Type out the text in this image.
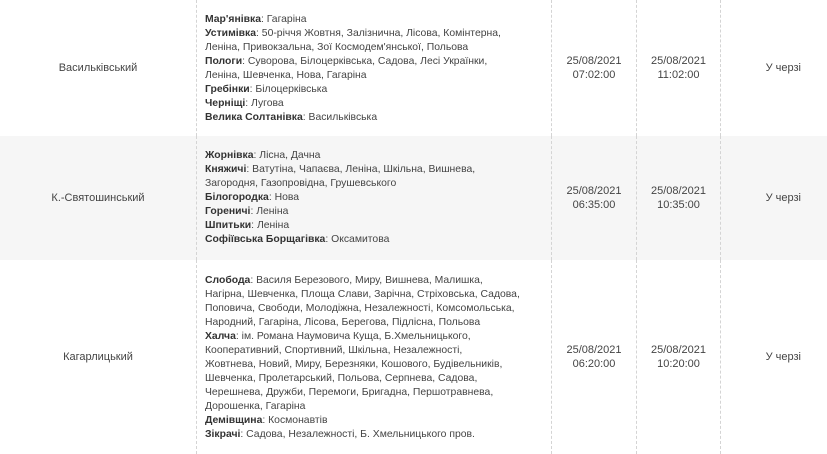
Васильківський
Мар'янівка: Гагаріна
Устимівка: 50-річчя Жовтня, Залізнична, Лісова, Комінтерна,
Леніна, Привокзальна, Зої Космодем'янської, Польова
Пологи: Суворова, Білоцерківська, Садова, Лесі Українки,
Леніна, Шевченка, Нова, Гагаріна
Гребінки: Білоцерківська
Черніщі: Лугова
Велика Солтанівка: Васильківська
25/08/2021
07:02:00
25/08/2021
11:02:00
У черзі
К.-Святошинський
Жорнівка: Лісна, Дачна
Княжичі: Ватутіна, Чапаєва, Леніна, Шкільна, Вишнева,
Загородня, Газопровідна, Грушевського
Білогородка: Нова
Гореничі: Леніна
Шпитьки: Леніна
Софіївська Борщагівка: Оксамитова
25/08/2021
06:35:00
25/08/2021
10:35:00
У черзі
Кагарлицький
Слобода: Василя Березового, Миру, Вишнева, Малишка,
Нагірна, Шевченка, Площа Слави, Зарічна, Стріховська, Садова,
Поповича, Свободи, Молодіжна, Незалежності, Комсомольська,
Народний, Гагаріна, Лісова, Берегова, Підлісна, Польова
Халча: ім. Романа Наумовича Кущa, Б.Хмельницького,
Кооперативний, Спортивний, Шкільна, Незалежності,
Жовтнева, Новий, Миру, Березняки, Кошового, Будівельників,
Шевченка, Пролетарський, Польова, Серпнева, Садова,
Черешнева, Дружби, Перемоги, Бригадна, Першотравнева,
Дорошенка, Гагаріна
Демівщина: Космонавтів
Зікрачі: Садова, Незалежності, Б. Хмельницького пров.
25/08/2021
06:20:00
25/08/2021
10:20:00
У черзі
